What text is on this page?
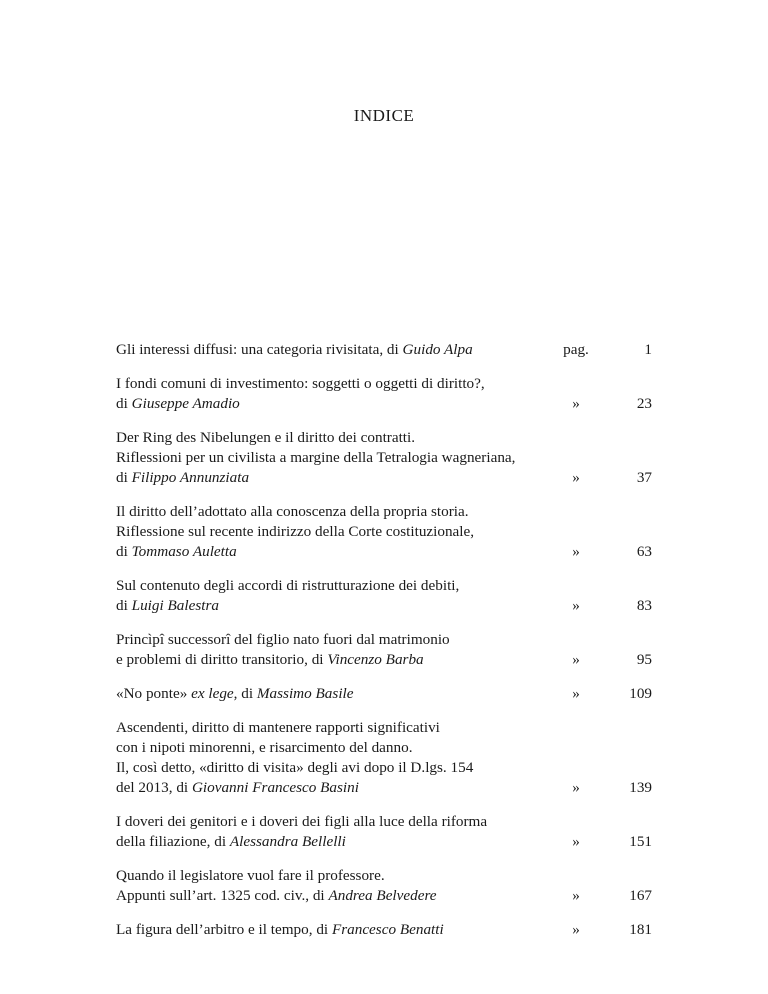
INDICE
Gli interessi diffusi: una categoria rivisitata, di Guido Alpa	pag.	1
I fondi comuni di investimento: soggetti o oggetti di diritto?,
di Giuseppe Amadio	»	23
Der Ring des Nibelungen e il diritto dei contratti.
Riflessioni per un civilista a margine della Tetralogia wagneriana,
di Filippo Annunziata	»	37
Il diritto dell’adottato alla conoscenza della propria storia.
Riflessione sul recente indirizzo della Corte costituzionale,
di Tommaso Auletta	»	63
Sul contenuto degli accordi di ristrutturazione dei debiti,
di Luigi Balestra	»	83
Princìpî successorî del figlio nato fuori dal matrimonio
e problemi di diritto transitorio, di Vincenzo Barba	»	95
«No ponte» ex lege, di Massimo Basile	»	109
Ascendenti, diritto di mantenere rapporti significativi
con i nipoti minorenni, e risarcimento del danno.
Il, così detto, «diritto di visita» degli avi dopo il D.lgs. 154
del 2013, di Giovanni Francesco Basini	»	139
I doveri dei genitori e i doveri dei figli alla luce della riforma
della filiazione, di Alessandra Bellelli	»	151
Quando il legislatore vuol fare il professore.
Appunti sull’art. 1325 cod. civ., di Andrea Belvedere	»	167
La figura dell’arbitro e il tempo, di Francesco Benatti	»	181
